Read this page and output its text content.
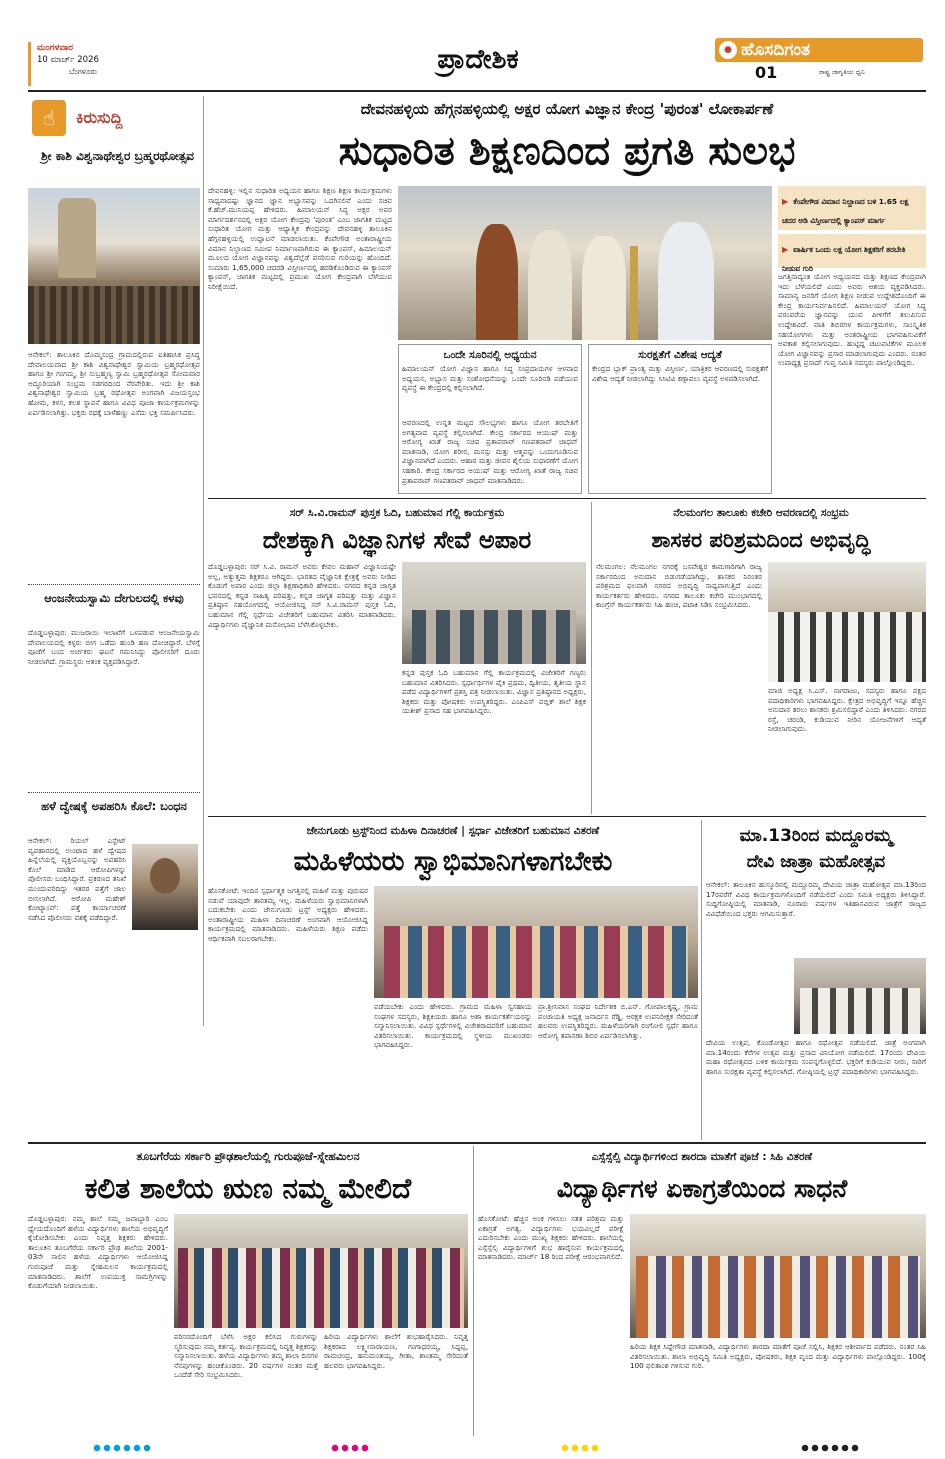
ಮಂಗಳವಾರ
10 ಮಾರ್ಚ್ 2026
ಬೆಂಗಳೂರು	ಪ್ರಾದೇಶಿಕ	✹ ಹೊಸದಿಗಂತ
01	ರಾಷ್ಟ್ರ ಜಾಗೃತಿಯ ಧ್ವನಿ
☝	ಕಿರುಸುದ್ದಿ
ಶ್ರೀ ಕಾಶಿ ವಿಶ್ವನಾಥೇಶ್ವರ ಬ್ರಹ್ಮರಥೋತ್ಸವ
ಆನೇಕಲ್: ತಾಲೂಕಿನ ದೊಮ್ಮಸಂದ್ರ ಗ್ರಾಮದಲ್ಲಿರುವ ಐತಿಹಾಸಿಕ ಪ್ರಸಿದ್ಧ ದೇವಾಲಯವಾದ ಶ್ರೀ ಕಾಶಿ ವಿಶ್ವನಾಥೇಶ್ವರ ಸ್ವಾಮಿಯ ಬ್ರಹ್ಮರಥೋತ್ಸವ ಹಾಗೂ ಶ್ರೀ ಗಂಗಮ್ಮ, ಶ್ರೀ ಸುಬ್ರಹ್ಮಣ್ಯ ಸ್ವಾಮಿ ಬ್ರಹ್ಮರಥೋತ್ಸವ ಸೋಮವಾರ ಅದ್ಧೂರಿಯಾಗಿ ಸಂಭ್ರಮ ಸಡಗರದಿಂದ ನೆರವೇರಿತು. ಇದು ಶ್ರೀ ಕಾಶಿ ವಿಶ್ವನಾಥೇಶ್ವರ ಸ್ವಾಮಿಯ ಬ್ರಹ್ಮ ರಥೋತ್ಸವ ಅಂಗವಾಗಿ ವಿಜಯಸ್ತಂಭ ಹೋಮ, ಕಳಸ, ಕಲಶ ಸ್ಥಾಪನೆ ಹಾಗೂ ವಿವಿಧ ಪೂಜಾ ಕಾರ್ಯಕ್ರಮಗಳನ್ನು ಏರ್ಪಡಿಸಲಾಗಿತ್ತು. ಭಕ್ತರು ರಥಕ್ಕೆ ಬಾಳೆಹಣ್ಣು ಎಸೆದು ಭಕ್ತಿ ಸಮರ್ಪಿಸಿದರು.
ಆಂಜನೇಯಸ್ವಾಮಿ ದೇಗುಲದಲ್ಲಿ ಕಳವು
ದೊಡ್ಡಬಳ್ಳಾಪುರ: ಮುಜರಾಯಿ ಇಲಾಖೆಗೆ ಒಳಪಡುವ ಆಂಜನೇಯಸ್ವಾಮಿ ದೇವಾಲಯದಲ್ಲಿ ಕಳ್ಳರು ಬೀಗ ಒಡೆದು ಹುಂಡಿ ಹಣ ದೋಚಿದ್ದಾರೆ. ಬೆಳಗ್ಗೆ ಪೂಜೆಗೆ ಬಂದ ಅರ್ಚಕರು ಘಟನೆ ಗಮನಿಸಿದ್ದು ಪೊಲೀಸರಿಗೆ ದೂರು ನೀಡಲಾಗಿದೆ. ಗ್ರಾಮಸ್ಥರು ಆತಂಕ ವ್ಯಕ್ತಪಡಿಸಿದ್ದಾರೆ.
ಹಳೆ ದ್ವೇಷಕ್ಕೆ ಅಪಹರಿಸಿ ಕೊಲೆ: ಬಂಧನ
ಆನೇಕಲ್: ರಿಯಲ್ ಎಸ್ಟೇಟ್ ವ್ಯವಹಾರದಲ್ಲಿ ಉಂಟಾದ ಹಳೆ ದ್ವೇಷದ ಹಿನ್ನೆಲೆಯಲ್ಲಿ ವ್ಯಕ್ತಿಯೊಬ್ಬನನ್ನು ಅಪಹರಿಸಿ ಕೊಲೆ ಮಾಡಿದ ಆರೋಪಿಗಳನ್ನು ಪೊಲೀಸರು ಬಂಧಿಸಿದ್ದಾರೆ. ಪ್ರಕರಣದ ತನಿಖೆ ಮುಂದುವರಿದಿದ್ದು ಇತರರ ಪತ್ತೆಗೆ ಜಾಲ ಬೀಸಲಾಗಿದೆ. ಆರೋಪಿ ಮಹೇಶ್ ಕೋಟ್ಯಾಂವ್: ಪತ್ತೆ ಕಾರ್ಯಾಚರಣೆ ನಡೆಸಿದ ಪೊಲೀಸರು ವಶಕ್ಕೆ ಪಡೆದಿದ್ದಾರೆ.
ದೇವನಹಳ್ಳಿಯ ಹೆಗ್ಗನಹಳ್ಳಿಯಲ್ಲಿ ಅಕ್ಷರ ಯೋಗ ವಿಜ್ಞಾನ ಕೇಂದ್ರ 'ಪುರಂತ' ಲೋಕಾರ್ಪಣೆ
ಸುಧಾರಿತ ಶಿಕ್ಷಣದಿಂದ ಪ್ರಗತಿ ಸುಲಭ
ದೇವನಹಳ್ಳಿ: ಇಲ್ಲಿನ ಸುಧಾರಿತ ಅಧ್ಯಯನ ಹಾಗೂ ಶಿಕ್ಷಣ ಶಿಕ್ಷಣ ಕಾರ್ಯಕ್ರಮಗಳು ಸಾಧ್ಯವಾದಷ್ಟು ಜ್ಞಾನದ ಜ್ಞಾನ ಅಭ್ಯಾಸವನ್ನು ಒದಗಿಸಲಿವೆ ಎಂದು ಸಚಿವ ಕೆ.ಹೆಚ್.ಮುನಿಯಪ್ಪ ಹೇಳಿದರು. ಹಿಮಾಲಯನ್ ಸಿದ್ಧ ಅಕ್ಷರ ಅವರ ಮಾರ್ಗದರ್ಶನದಲ್ಲಿ ಅಕ್ಷರ ಯೋಗ ಕೇಂದ್ರವು 'ಪುರಂತ' ಎಂಬ ಜಾಗತಿಕ ಮಟ್ಟದ ಸುಧಾರಿತ ಯೋಗ ಮತ್ತು ಆಧ್ಯಾತ್ಮಿಕ ಕೇಂದ್ರವನ್ನು ದೇವನಹಳ್ಳಿ ತಾಲೂಕಿನ ಹೆಗ್ಗನಹಳ್ಳಿಯಲ್ಲಿ ಉದ್ಘಾಟನೆ ಮಾಡಲಾಯಿತು. ಕೆಂಪೇಗೌಡ ಅಂತಾರಾಷ್ಟ್ರೀಯ ವಿಮಾನ ನಿಲ್ದಾಣದ ಸಮೀಪ ನಿರ್ಮಾಣವಾಗಿರುವ ಈ ಕ್ಯಾಂಪಸ್, ಹಿಮಾಲಯನ್ ಮೂಲದ ಯೋಗ ವಿಜ್ಞಾನವನ್ನು ವಿಶ್ವದೆಲ್ಲೆಡೆ ಪಸರಿಸುವ ಗುರಿಯನ್ನು ಹೊಂದಿದೆ. ಸುಮಾರು 1,65,000 ಚದರಡಿ ವಿಸ್ತೀರ್ಣದಲ್ಲಿ ಹರಡಿಕೊಂಡಿರುವ ಈ ಕ್ಯಾಂಪಸ್ ಕ್ಯಾಂಪಸ್, ಜಾಗತಿಕ ಮಟ್ಟದಲ್ಲಿ ಪ್ರಮುಖ ಯೋಗ ಕೇಂದ್ರವಾಗಿ ಬೆಳೆಯುವ ನಿರೀಕ್ಷೆಯಿದೆ.
ಒಂದೇ ಸೂರಿನಲ್ಲಿ ಅಧ್ಯಯನ
ಹಿಮಾಲಯನ್ ಯೋಗ ವಿಜ್ಞಾನ ಹಾಗೂ ಸಿದ್ಧ ಸಂಪ್ರದಾಯಗಳ ಆಳವಾದ ಅಧ್ಯಯನ, ಅಭ್ಯಾಸ ಮತ್ತು ಸಂಶೋಧನೆಯನ್ನು ಒಂದೇ ಸೂರಿನಡಿ ಪಡೆಯುವ ವ್ಯವಸ್ಥೆ ಈ ಕೇಂದ್ರದಲ್ಲಿ ಕಲ್ಪಿಸಲಾಗಿದೆ.
ಆವರಣದಲ್ಲಿ ಉನ್ನತ ಮಟ್ಟದ ಸೌಲಭ್ಯಗಳು ಹಾಗೂ ಯೋಗ ತರಬೇತಿಗೆ ಅಗತ್ಯವಾದ ವ್ಯವಸ್ಥೆ ಕಲ್ಪಿಸಲಾಗಿದೆ. ಕೇಂದ್ರ ಸರ್ಕಾರದ ಆಯುಷ್ ಮತ್ತು ಆರೋಗ್ಯ ಖಾತೆ ರಾಜ್ಯ ಸಚಿವ ಪ್ರತಾಪರಾವ್ ಗಣಪತರಾವ್ ಜಾಧವ್ ಮಾತನಾಡಿ, ಯೋಗ ಶರೀರ, ಮನಸ್ಸು ಮತ್ತು ಆತ್ಮವನ್ನು ಒಂದುಗೂಡಿಸುವ ವಿಜ್ಞಾನವಾಗಿದೆ ಎಂದರು. ಆಹಾರ ಮತ್ತು ಜೀವನ ಶೈಲಿಯ ಸುಧಾರಣೆಗೆ ಯೋಗ ಸಹಕಾರಿ. ಕೇಂದ್ರ ಸರ್ಕಾರದ ಆಯುಷ್ ಮತ್ತು ಆರೋಗ್ಯ ಖಾತೆ ರಾಜ್ಯ ಸಚಿವ ಪ್ರತಾಪರಾವ್ ಗಣಪತರಾವ್ ಜಾಧವ್ ಮಾತನಾಡಿದರು.
ಸುರಕ್ಷತೆಗೆ ವಿಶೇಷ ಆದ್ಯತೆ
ಕೇಂದ್ರದ ಬ್ಲಾಕ್ ಪ್ರಾಂತ್ಯ ಮತ್ತು ವಿಸ್ತೀರ್ಣ, ಯಾತ್ರಿಕರ ಆವರಣದಲ್ಲಿ ಸುರಕ್ಷತೆಗೆ ವಿಶೇಷ ಆದ್ಯತೆ ನೀಡಲಾಗಿದ್ದು ಸಿಸಿಟಿವಿ ಕಣ್ಗಾವಲು ವ್ಯವಸ್ಥೆ ಅಳವಡಿಸಲಾಗಿದೆ.
▶ ಕೆಂಪೇಗೌಡ ವಿಮಾನ ನಿಲ್ದಾಣದ ಬಳಿ 1.65 ಲಕ್ಷ ಚದರ ಅಡಿ ವಿಸ್ತೀರ್ಣದಲ್ಲಿ ಕ್ಯಾಂಪಸ್ ಮಾರ್ಗ
▶ ವಾರ್ಷಿಕ ಒಂದು ಲಕ್ಷ ಯೋಗ ಶಿಕ್ಷಕರಿಗೆ ತರಬೇತಿ ನೀಡುವ ಗುರಿ
ಜಗತ್ತಿನಾದ್ಯಂತ ಯೋಗ ಅಧ್ಯಯನದ ಮತ್ತು ಶಿಕ್ಷಣದ ಕೇಂದ್ರವಾಗಿ ಇದು ಬೆಳೆಯಲಿದೆ ಎಂದು ಅವರು ಆಶಯ ವ್ಯಕ್ತಪಡಿಸಿದರು. ಸಾಮಾನ್ಯ ಜನರಿಗೆ ಯೋಗ ಶಿಕ್ಷಣ ನೀಡುವ ಉದ್ದೇಶದೊಂದಿಗೆ ಈ ಕೇಂದ್ರ ಕಾರ್ಯನಿರ್ವಹಿಸಲಿದೆ. ಹಿಮಾಲಯನ್ ಯೋಗ ಸಿದ್ಧ ಪರಂಪರೆಯ ಜ್ಞಾನವನ್ನು ಯುವ ಪೀಳಿಗೆಗೆ ತಲುಪಿಸುವ ಉದ್ದೇಶವಿದೆ. ವಾತಿ ಶಿಬಿರಗಳ ಕಾರ್ಯಕ್ರಮಗಳು, ಸಾಂಸ್ಕೃತಿಕ ಸಹಯೋಗಗಳು ಮತ್ತು ಅಂತರಾಷ್ಟ್ರೀಯ ಭಾಗವಹಿಸುವಿಕೆಗೆ ಅವಕಾಶ ಕಲ್ಪಿಸಲಾಗುವುದು. ಹುಟ್ಟಿದ್ದ ಚಟುವಟಿಕೆಗಳ ಮೂಲಕ ಯೋಗ ವಿಜ್ಞಾನವನ್ನು ಪ್ರಸಾರ ಮಾಡಲಾಗುವುದು ಎಂದರು. ನಂತರ ಉಪಾಧ್ಯಕ್ಷ ಪ್ರಸಾದ್ ಗುಪ್ತ ಸಮಿತಿ ಸದಸ್ಯರು ಪಾಲ್ಗೊಂಡಿದ್ದರು.
ಸರ್ ಸಿ.ವಿ.ರಾಮನ್ ಪುಸ್ತಕ ಓದಿ, ಬಹುಮಾನ ಗೆಲ್ಲಿ ಕಾರ್ಯಕ್ರಮ
ದೇಶಕ್ಕಾಗಿ ವಿಜ್ಞಾನಿಗಳ ಸೇವೆ ಅಪಾರ
ದೊಡ್ಡಬಳ್ಳಾಪುರ: ಸರ್ ಸಿ.ವಿ. ರಾಮನ್ ಅವರು ಕೇವಲ ಮಹಾನ್ ವಿಜ್ಞಾನಿಯಷ್ಟೇ ಅಲ್ಲ, ಅತ್ಯುತ್ತಮ ಶಿಕ್ಷಕರೂ ಆಗಿದ್ದರು. ಭಾರತದ ವೈಜ್ಞಾನಿಕ ಕ್ಷೇತ್ರಕ್ಕೆ ಅವರು ನೀಡಿದ ಕೊಡುಗೆ ಅಪಾರ ಎಂದು ಜಿಲ್ಲಾ ಶಿಕ್ಷಣಾಧಿಕಾರಿ ಹೇಳಿದರು. ನಗರದ ಕನ್ನಡ ಜಾಗೃತ ಭವನದಲ್ಲಿ ಕನ್ನಡ ಸಾಹಿತ್ಯ ಪರಿಷತ್ತು, ಕನ್ನಡ ಜಾಗೃತ ಪರಿಷತ್ತು ಮತ್ತು ವಿಜ್ಞಾನ ಪ್ರತಿಷ್ಠಾನ ಸಹಯೋಗದಲ್ಲಿ ಆಯೋಜಿಸಿದ್ದ ಸರ್ ಸಿ.ವಿ.ರಾಮನ್ ಪುಸ್ತಕ ಓದಿ, ಬಹುಮಾನ ಗೆಲ್ಲಿ ಸ್ಪರ್ಧೆಯ ವಿಜೇತರಿಗೆ ಬಹುಮಾನ ವಿತರಿಸಿ ಮಾತನಾಡಿದರು. ವಿದ್ಯಾರ್ಥಿಗಳು ವೈಜ್ಞಾನಿಕ ಮನೋಭಾವ ಬೆಳೆಸಿಕೊಳ್ಳಬೇಕು.
ಕನ್ನಡ ಪುಸ್ತಕ ಓದಿ ಬಹುಮಾನ ಗೆಲ್ಲಿ ಕಾರ್ಯಕ್ರಮದಲ್ಲಿ ವಿಜೇತರಿಗೆ ಗಣ್ಯರು ಬಹುಮಾನ ವಿತರಿಸಿದರು. ಸ್ಪರ್ಧಾರ್ಥಿಗಳ ಪೈಕಿ ಪ್ರಥಮ, ದ್ವಿತೀಯ, ತೃತೀಯ ಸ್ಥಾನ ಪಡೆದ ವಿದ್ಯಾರ್ಥಿಗಳಿಗೆ ಪ್ರಶಸ್ತಿ ಪತ್ರ ನೀಡಲಾಯಿತು. ವಿಜ್ಞಾನ ಪ್ರತಿಷ್ಠಾನದ ಅಧ್ಯಕ್ಷರು, ಶಿಕ್ಷಕರು ಮತ್ತು ಪೋಷಕರು ಉಪಸ್ಥಿತರಿದ್ದರು. ಎಂಪಿಎಸ್ ಪಬ್ಲಿಕ್ ಶಾಲೆ ಶಿಕ್ಷಕ ಯತೀಶ್ ಪ್ರಸಾದ ಸಹ ಭಾಗವಹಿಸಿದ್ದರು.
ನೆಲಮಂಗಲ ತಾಲೂಕು ಕಚೇರಿ ಆವರಣದಲ್ಲಿ ಸಂಭ್ರಮ
ಶಾಸಕರ ಪರಿಶ್ರಮದಿಂದ ಅಭಿವೃದ್ಧಿ
ನೆಲಮಂಗಲ: ನೆಲಮಂಗಲ ನಗರಕ್ಕೆ ಬಸವೇಶ್ವರ ಕಾಮಗಾರಿಗಾಗಿ ರಾಜ್ಯ ಸರ್ಕಾರದಿಂದ ಅನುದಾನ ಬಿಡುಗಡೆಯಾಗಿದ್ದು, ಶಾಸಕರ ನಿರಂತರ ಪರಿಶ್ರಮದ ಫಲವಾಗಿ ನಗರದ ಅಭಿವೃದ್ಧಿ ಸಾಧ್ಯವಾಗುತ್ತಿದೆ ಎಂದು ಕಾರ್ಯಕರ್ತರು ಹೇಳಿದರು. ನಗರದ ತಾಲೂಕು ಕಚೇರಿ ಮುಂಭಾಗದಲ್ಲಿ ಕಾಂಗ್ರೆಸ್ ಕಾರ್ಯಕರ್ತರು ಸಿಹಿ ಹಂಚಿ, ಪಟಾಕಿ ಸಿಡಿಸಿ ಸಂಭ್ರಮಿಸಿದರು.
ಮಾಜಿ ಅಧ್ಯಕ್ಷ ಸಿ.ಎಸ್. ನಾಗರಾಜು, ಸದಸ್ಯರು ಹಾಗೂ ಪಕ್ಷದ ಪದಾಧಿಕಾರಿಗಳು ಭಾಗವಹಿಸಿದ್ದರು. ಕ್ಷೇತ್ರದ ಅಭಿವೃದ್ಧಿಗೆ ಇನ್ನೂ ಹೆಚ್ಚಿನ ಅನುದಾನ ತರಲು ಶಾಸಕರು ಶ್ರಮಿಸಲಿದ್ದಾರೆ ಎಂದು ತಿಳಿಸಿದರು. ನಗರದ ರಸ್ತೆ, ಚರಂಡಿ, ಕುಡಿಯುವ ನೀರಿನ ಯೋಜನೆಗಳಿಗೆ ಆದ್ಯತೆ ನೀಡಲಾಗುವುದು.
ಜೇನುಗೂಡು ಟ್ರಸ್ಟ್‌ನಿಂದ ಮಹಿಳಾ ದಿನಾಚರಣೆ | ಸ್ಪರ್ಧಾ ವಿಜೇತರಿಗೆ ಬಹುಮಾನ ವಿತರಣೆ
ಮಹಿಳೆಯರು ಸ್ವಾಭಿಮಾನಿಗಳಾಗಬೇಕು
ಹೊಸಕೋಟೆ: ಇಂದಿನ ಸ್ಪರ್ಧಾತ್ಮಕ ಜಗತ್ತಿನಲ್ಲಿ ಮಹಿಳೆ ಮತ್ತು ಪುರುಷರ ನಡುವೆ ಯಾವುದೇ ತಾರತಮ್ಯ ಇಲ್ಲ. ಮಹಿಳೆಯರು ಸ್ವಾಭಿಮಾನಿಗಳಾಗಿ ಬದುಕಬೇಕು ಎಂದು ಜೇನುಗೂಡು ಟ್ರಸ್ಟ್ ಅಧ್ಯಕ್ಷರು ಹೇಳಿದರು. ಅಂತಾರಾಷ್ಟ್ರೀಯ ಮಹಿಳಾ ದಿನಾಚರಣೆ ಅಂಗವಾಗಿ ಆಯೋಜಿಸಿದ್ದ ಕಾರ್ಯಕ್ರಮದಲ್ಲಿ ಮಾತನಾಡಿದರು. ಮಹಿಳೆಯರು ಶಿಕ್ಷಣ ಪಡೆದು ಆರ್ಥಿಕವಾಗಿ ಸಬಲರಾಗಬೇಕು.
ಪಡೆಯಬೇಕು ಎಂದು ಹೇಳಿದರು. ಗ್ರಾಮದ ಮಹಿಳಾ ಸ್ವಸಹಾಯ ಸಂಘಗಳ ಸದಸ್ಯರು, ಶಿಕ್ಷಕಿಯರು ಹಾಗೂ ಆಶಾ ಕಾರ್ಯಕರ್ತೆಯರನ್ನು ಸನ್ಮಾನಿಸಲಾಯಿತು. ವಿವಿಧ ಸ್ಪರ್ಧೆಗಳಲ್ಲಿ ವಿಜೇತರಾದವರಿಗೆ ಬಹುಮಾನ ವಿತರಿಸಲಾಯಿತು. ಕಾರ್ಯಕ್ರಮದಲ್ಲಿ ಸ್ಥಳೀಯ ಮುಖಂಡರು ಭಾಗವಹಿಸಿದ್ದರು.
ಪ್ರಾ.ಶ್ರೀನಿವಾಸ ಸಂಘದ ನಿರ್ದೇಶಕ ಬಿ.ಎನ್. ಗೋಪಾಲಕೃಷ್ಣ, ಗ್ರಾಮ ಪಂಚಾಯತಿ ಅಧ್ಯಕ್ಷ ಜನಾರ್ದನ ರೆಡ್ಡಿ, ಆರಕ್ಷಕ ಉಪನಿರೀಕ್ಷಕ ಸೇರಿದಂತೆ ಹಲವರು ಉಪಸ್ಥಿತರಿದ್ದರು. ಮಹಿಳೆಯರಿಗಾಗಿ ರಂಗೋಲಿ ಸ್ಪರ್ಧೆ ಹಾಗೂ ಆರೋಗ್ಯ ತಪಾಸಣಾ ಶಿಬಿರ ಏರ್ಪಡಿಸಲಾಗಿತ್ತು.
ಮಾ.13ರಿಂದ ಮದ್ದೂರಮ್ಮ
ದೇವಿ ಜಾತ್ರಾ ಮಹೋತ್ಸವ
ಆನೇಕಲ್: ತಾಲೂಕಿನ ಹುಸ್ಕೂರಿನಲ್ಲಿ ಮದ್ದೂರಮ್ಮ ದೇವಿಯ ಜಾತ್ರಾ ಮಹೋತ್ಸವ ಮಾ.13ರಿಂದ 17ರವರೆಗೆ ವಿವಿಧ ಕಾರ್ಯಕ್ರಮಗಳೊಂದಿಗೆ ನಡೆಯಲಿದೆ ಎಂದು ಸಮಿತಿ ಅಧ್ಯಕ್ಷರು ತಿಳಿಸಿದ್ದಾರೆ. ಸುದ್ದಿಗೋಷ್ಠಿಯಲ್ಲಿ ಮಾತನಾಡಿ, ನೂರಾರು ವರ್ಷಗಳ ಇತಿಹಾಸವಿರುವ ಜಾತ್ರೆಗೆ ರಾಜ್ಯದ ವಿವಿಧೆಡೆಯಿಂದ ಭಕ್ತರು ಆಗಮಿಸುತ್ತಾರೆ.
ದೇವಿಯ ಉತ್ಸವ, ಕೊಂಡೋತ್ಸವ ಹಾಗೂ ರಥೋತ್ಸವ ನಡೆಯಲಿದೆ. ಜಾತ್ರೆ ಅಂಗವಾಗಿ ಮಾ.14ರಂದು ಕೆರೆಗಳ ಉತ್ಸವ ಮತ್ತು ಪ್ರಸಾದ ವಿನಿಯೋಗ ನಡೆಯಲಿದೆ. 17ರಂದು ದೇವಿಯ ಮಹಾ ರಥೋತ್ಸವದ ಬಳಿಕ ಕಾರ್ಯಕ್ರಮ ಸಂಪನ್ನಗೊಳ್ಳಲಿದೆ. ಭಕ್ತರಿಗೆ ಕುಡಿಯುವ ನೀರು, ಸಾರಿಗೆ ಹಾಗೂ ಸುರಕ್ಷತಾ ವ್ಯವಸ್ಥೆ ಕಲ್ಪಿಸಲಾಗಿದೆ. ಗೋಷ್ಠಿಯಲ್ಲಿ ಟ್ರಸ್ಟ್ ಪದಾಧಿಕಾರಿಗಳು ಭಾಗವಹಿಸಿದ್ದರು.
ತೂಬಗೆರೆಯ ಸರ್ಕಾರಿ ಪ್ರೌಢಶಾಲೆಯಲ್ಲಿ ಗುರುಪೂಜೆ-ಸ್ನೇಹಮಿಲನ
ಕಲಿತ ಶಾಲೆಯ ಋಣ ನಮ್ಮ ಮೇಲಿದೆ
ದೊಡ್ಡಬಳ್ಳಾಪುರ: ನಮ್ಮ ಶಾಲೆ ನಮ್ಮ ಜವಾಬ್ದಾರಿ ಎಂಬ ಧ್ಯೇಯದೊಂದಿಗೆ ಹಳೆಯ ವಿದ್ಯಾರ್ಥಿಗಳು ಶಾಲೆಯ ಅಭಿವೃದ್ಧಿಗೆ ಕೈಜೋಡಿಸಬೇಕು ಎಂದು ನಿವೃತ್ತ ಶಿಕ್ಷಕರು ಹೇಳಿದರು. ತಾಲೂಕಿನ ತೂಬಗೆರೆಯ ಸರ್ಕಾರಿ ಪ್ರೌಢ ಶಾಲೆಯ 2001-03ನೇ ಸಾಲಿನ ಹಳೆಯ ವಿದ್ಯಾರ್ಥಿಗಳು ಆಯೋಜಿಸಿದ್ದ ಗುರುಪೂಜೆ ಮತ್ತು ಸ್ನೇಹಮಿಲನ ಕಾರ್ಯಕ್ರಮದಲ್ಲಿ ಮಾತನಾಡಿದರು. ಶಾಲೆಗೆ ಉಪಯುಕ್ತ ಸಾಮಗ್ರಿಗಳನ್ನು ಕೊಡುಗೆಯಾಗಿ ನೀಡಲಾಯಿತು.
ಪರಿಸರದೊಂದಿಗೆ ಬೆಳೆಸಿ ಅಕ್ಷರ ಕಲಿಸಿದ ಗುರುಗಳನ್ನು ಸ್ಮರಿಸುವುದು ನಮ್ಮ ಕರ್ತವ್ಯ. ಕಾರ್ಯಕ್ರಮದಲ್ಲಿ ನಿವೃತ್ತ ಶಿಕ್ಷಕರನ್ನು ಸನ್ಮಾನಿಸಲಾಯಿತು. ಹಳೆಯ ವಿದ್ಯಾರ್ಥಿಗಳು ತಮ್ಮ ಶಾಲಾ ದಿನಗಳ ನೆನಪುಗಳನ್ನು ಹಂಚಿಕೊಂಡರು. 20 ವರ್ಷಗಳ ನಂತರ ಮತ್ತೆ ಒಂದೆಡೆ ಸೇರಿ ಸಂಭ್ರಮಿಸಿದರು.
ಹಿರಿಯ ವಿದ್ಯಾರ್ಥಿಗಳು ಶಾಲೆಗೆ ಶುಭಹಾರೈಸಿದರು. ನಿವೃತ್ತ ಶಿಕ್ಷಕರಾದ ಲಕ್ಷ್ಮೀನಾರಾಯಣ, ಗಂಗಾಧರಯ್ಯ, ಸಿದ್ದಪ್ಪ, ರಾಮಚಂದ್ರ, ಹನುಮಂತಯ್ಯ, ಗೀತಾ, ಶಾಂತಮ್ಮ ಸೇರಿದಂತೆ ಹಲವರು ಭಾಗವಹಿಸಿದ್ದರು.
ಎಸ್ಸೆಸ್ಸೆಲ್ಸಿ ವಿದ್ಯಾರ್ಥಿಗಳಿಂದ ಶಾರದಾ ಮಾತೆಗೆ ಪೂಜೆ : ಸಿಹಿ ವಿತರಣೆ
ವಿದ್ಯಾರ್ಥಿಗಳ ಏಕಾಗ್ರತೆಯಿಂದ ಸಾಧನೆ
ಹೊಸಕೋಟೆ: ಹೆಚ್ಚಿನ ಅಂಕ ಗಳಿಸಲು ಸತತ ಪರಿಶ್ರಮ ಮತ್ತು ಏಕಾಗ್ರತೆ ಅಗತ್ಯ. ವಿದ್ಯಾರ್ಥಿಗಳು ಭಯವಿಲ್ಲದೆ ಪರೀಕ್ಷೆ ಎದುರಿಸಬೇಕು ಎಂದು ಮುಖ್ಯ ಶಿಕ್ಷಕರು ಹೇಳಿದರು. ಶಾಲೆಯಲ್ಲಿ ಎಸ್ಸೆಸ್ಸೆಲ್ಸಿ ವಿದ್ಯಾರ್ಥಿಗಳಿಗೆ ಶುಭ ಹಾರೈಸುವ ಕಾರ್ಯಕ್ರಮದಲ್ಲಿ ಮಾತನಾಡಿದರು. ಮಾರ್ಚ್ 18 ರಿಂದ ಪರೀಕ್ಷೆ ಆರಂಭವಾಗಲಿದೆ.
ಹಿರಿಯ ಶಿಕ್ಷಕ ಸಿದ್ದೇಗೌಡ ಮಾತನಾಡಿ, ವಿದ್ಯಾರ್ಥಿಗಳು ಶಾರದಾ ಮಾತೆಗೆ ಪೂಜೆ ಸಲ್ಲಿಸಿ, ಶಿಕ್ಷಕರ ಆಶೀರ್ವಾದ ಪಡೆದರು. ನಂತರ ಸಿಹಿ ವಿತರಿಸಲಾಯಿತು. ಶಾಲಾ ಅಭಿವೃದ್ಧಿ ಸಮಿತಿ ಅಧ್ಯಕ್ಷರು, ಪೋಷಕರು, ಶಿಕ್ಷಕ ವೃಂದ ಮತ್ತು ವಿದ್ಯಾರ್ಥಿಗಳು ಪಾಲ್ಗೊಂಡಿದ್ದರು. 100ಕ್ಕೆ 100 ಫಲಿತಾಂಶ ಗಳಿಸುವ ಗುರಿ.
